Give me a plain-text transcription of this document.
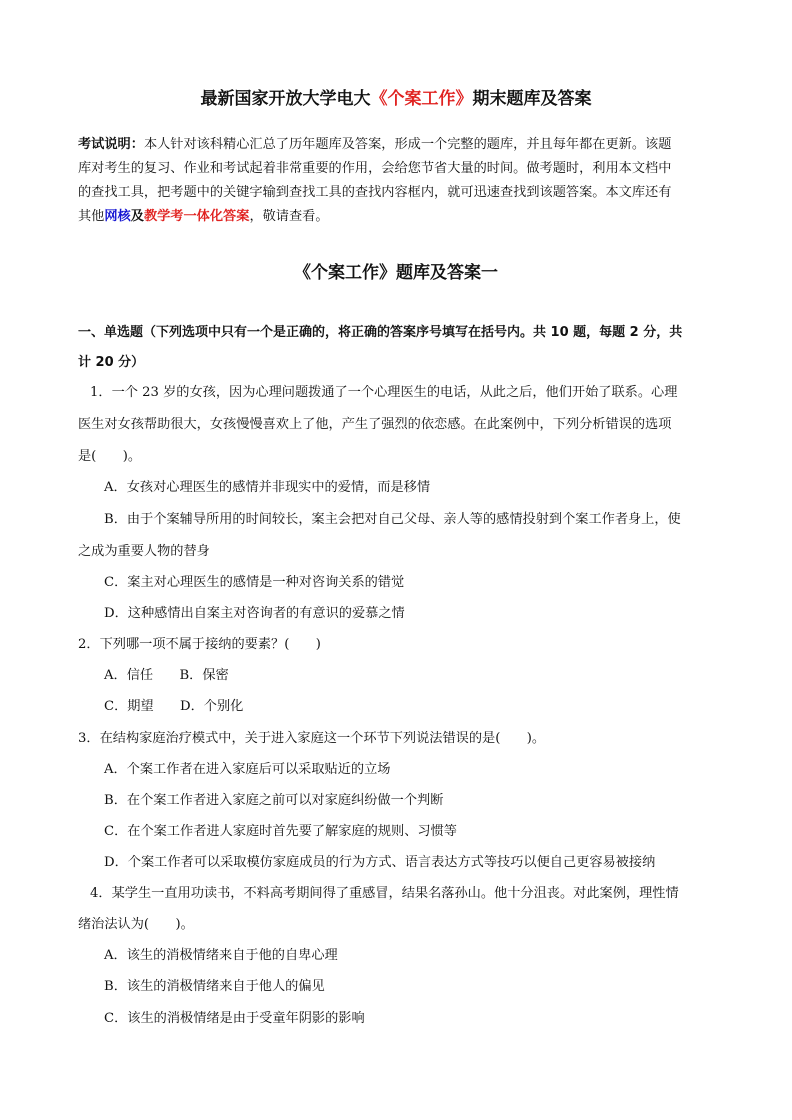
最新国家开放大学电大《个案工作》期末题库及答案
考试说明：本人针对该科精心汇总了历年题库及答案，形成一个完整的题库，并且每年都在更新。该题
库对考生的复习、作业和考试起着非常重要的作用，会给您节省大量的时间。做考题时，利用本文档中
的查找工具，把考题中的关键字输到查找工具的查找内容框内，就可迅速查找到该题答案。本文库还有
其他网核及教学考一体化答案，敬请查看。
《个案工作》题库及答案一
一、单选题（下列选项中只有一个是正确的，将正确的答案序号填写在括号内。共 10 题，每题 2 分，共
计 20 分）
1．一个 23 岁的女孩，因为心理问题拨通了一个心理医生的电话，从此之后，他们开始了联系。心理
医生对女孩帮助很大，女孩慢慢喜欢上了他，产生了强烈的依恋感。在此案例中，下列分析错误的选项
是(　　)。
A．女孩对心理医生的感情并非现实中的爱情，而是移情
B．由于个案辅导所用的时间较长，案主会把对自己父母、亲人等的感情投射到个案工作者身上，使
之成为重要人物的替身
C．案主对心理医生的感情是一种对咨询关系的错觉
D．这种感情出自案主对咨询者的有意识的爱慕之情
2．下列哪一项不属于接纳的要素？(　　)
A．信任　　B．保密
C．期望　　D．个别化
3．在结构家庭治疗模式中，关于进入家庭这一个环节下列说法错误的是(　　)。
A．个案工作者在进入家庭后可以采取贴近的立场
B．在个案工作者进入家庭之前可以对家庭纠纷做一个判断
C．在个案工作者进人家庭时首先要了解家庭的规则、习惯等
D．个案工作者可以采取模仿家庭成员的行为方式、语言表达方式等技巧以便自己更容易被接纳
4．某学生一直用功读书，不料高考期间得了重感冒，结果名落孙山。他十分沮丧。对此案例，理性情
绪治法认为(　　)。
A．该生的消极情绪来自于他的自卑心理
B．该生的消极情绪来自于他人的偏见
C．该生的消极情绪是由于受童年阴影的影响
